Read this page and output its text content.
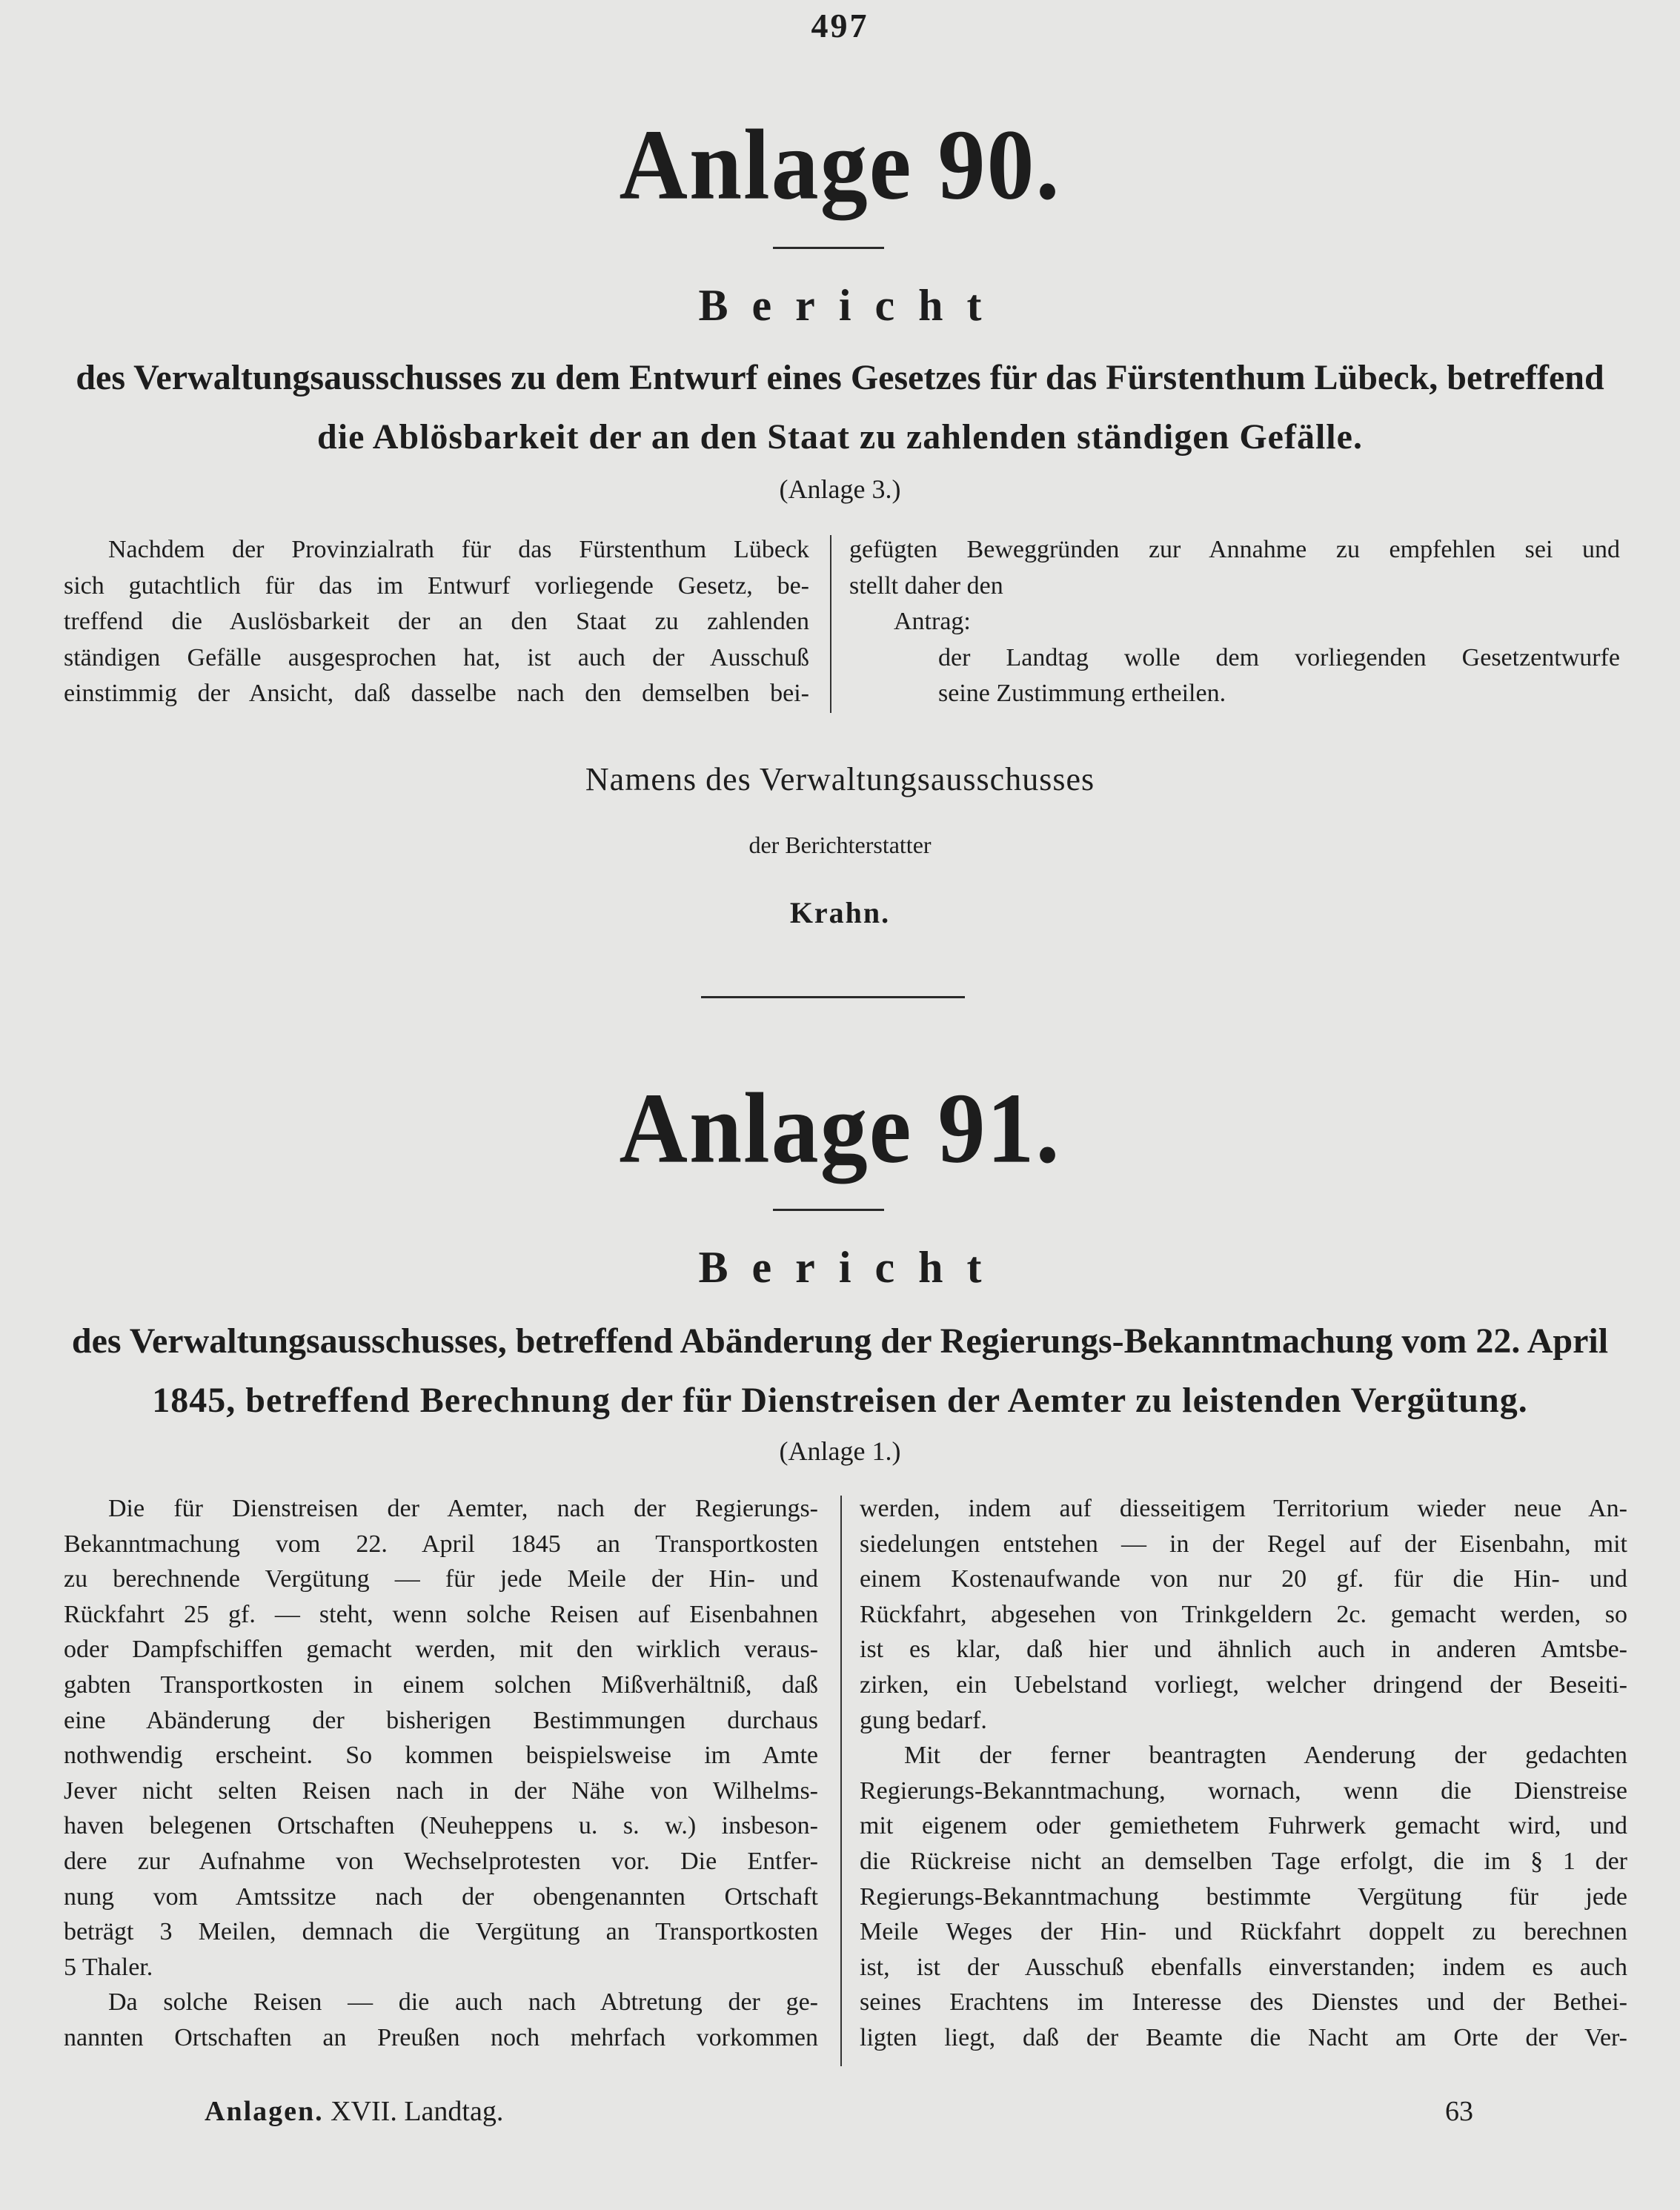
497
Anlage 90.
Bericht
des Verwaltungsausschusses zu dem Entwurf eines Gesetzes für das Fürstenthum Lübeck, betreffend
die Ablösbarkeit der an den Staat zu zahlenden ständigen Gefälle.
(Anlage 3.)
Nachdem der Provinzialrath für das Fürstenthum Lübeck
sich gutachtlich für das im Entwurf vorliegende Gesetz, be-
treffend die Auslösbarkeit der an den Staat zu zahlenden
ständigen Gefälle ausgesprochen hat, ist auch der Ausschuß
einstimmig der Ansicht, daß dasselbe nach den demselben bei-
gefügten Beweggründen zur Annahme zu empfehlen sei und
stellt daher den
Antrag:
der Landtag wolle dem vorliegenden Gesetzentwurfe
seine Zustimmung ertheilen.
Namens des Verwaltungsausschusses
der Berichterstatter
Krahn.
Anlage 91.
Bericht
des Verwaltungsausschusses, betreffend Abänderung der Regierungs-Bekanntmachung vom 22. April
1845, betreffend Berechnung der für Dienstreisen der Aemter zu leistenden Vergütung.
(Anlage 1.)
Die für Dienstreisen der Aemter, nach der Regierungs-
Bekanntmachung vom 22. April 1845 an Transportkosten
zu berechnende Vergütung — für jede Meile der Hin- und
Rückfahrt 25 gf. — steht, wenn solche Reisen auf Eisenbahnen
oder Dampfschiffen gemacht werden, mit den wirklich veraus-
gabten Transportkosten in einem solchen Mißverhältniß, daß
eine Abänderung der bisherigen Bestimmungen durchaus
nothwendig erscheint. So kommen beispielsweise im Amte
Jever nicht selten Reisen nach in der Nähe von Wilhelms-
haven belegenen Ortschaften (Neuheppens u. s. w.) insbeson-
dere zur Aufnahme von Wechselprotesten vor. Die Entfer-
nung vom Amtssitze nach der obengenannten Ortschaft
beträgt 3 Meilen, demnach die Vergütung an Transportkosten
5 Thaler.
Da solche Reisen — die auch nach Abtretung der ge-
nannten Ortschaften an Preußen noch mehrfach vorkommen
werden, indem auf diesseitigem Territorium wieder neue An-
siedelungen entstehen — in der Regel auf der Eisenbahn, mit
einem Kostenaufwande von nur 20 gf. für die Hin- und
Rückfahrt, abgesehen von Trinkgeldern 2c. gemacht werden, so
ist es klar, daß hier und ähnlich auch in anderen Amtsbe-
zirken, ein Uebelstand vorliegt, welcher dringend der Beseiti-
gung bedarf.
Mit der ferner beantragten Aenderung der gedachten
Regierungs-Bekanntmachung, wornach, wenn die Dienstreise
mit eigenem oder gemiethetem Fuhrwerk gemacht wird, und
die Rückreise nicht an demselben Tage erfolgt, die im § 1 der
Regierungs-Bekanntmachung bestimmte Vergütung für jede
Meile Weges der Hin- und Rückfahrt doppelt zu berechnen
ist, ist der Ausschuß ebenfalls einverstanden; indem es auch
seines Erachtens im Interesse des Dienstes und der Bethei-
ligten liegt, daß der Beamte die Nacht am Orte der Ver-
Anlagen. XVII. Landtag.	63
